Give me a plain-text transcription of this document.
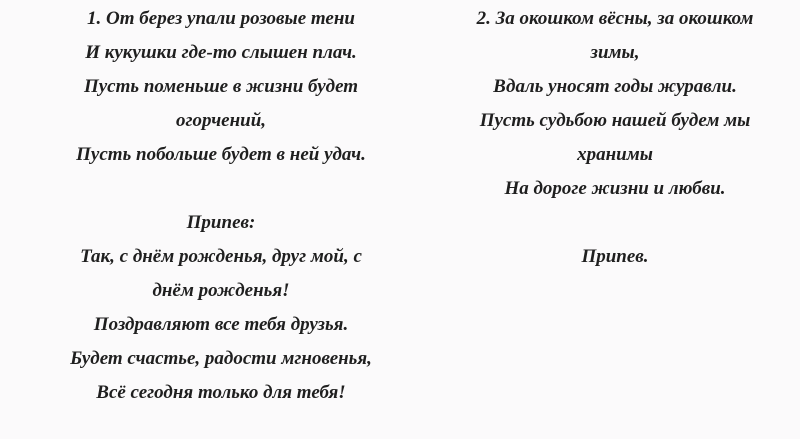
1. От берез упали розовые тени
И кукушки где-то слышен плач.
Пусть поменьше в жизни будет
огорчений,
Пусть побольше будет в ней удач.
Припев:
Так, с днём рожденья, друг мой, с
днём рожденья!
Поздравляют все тебя друзья.
Будет счастье, радости мгновенья,
Всё сегодня только для тебя!
2. За окошком вёсны, за окошком
зимы,
Вдаль уносят годы журавли.
Пусть судьбою нашей будем мы
хранимы
На дороге жизни и любви.
Припев.
